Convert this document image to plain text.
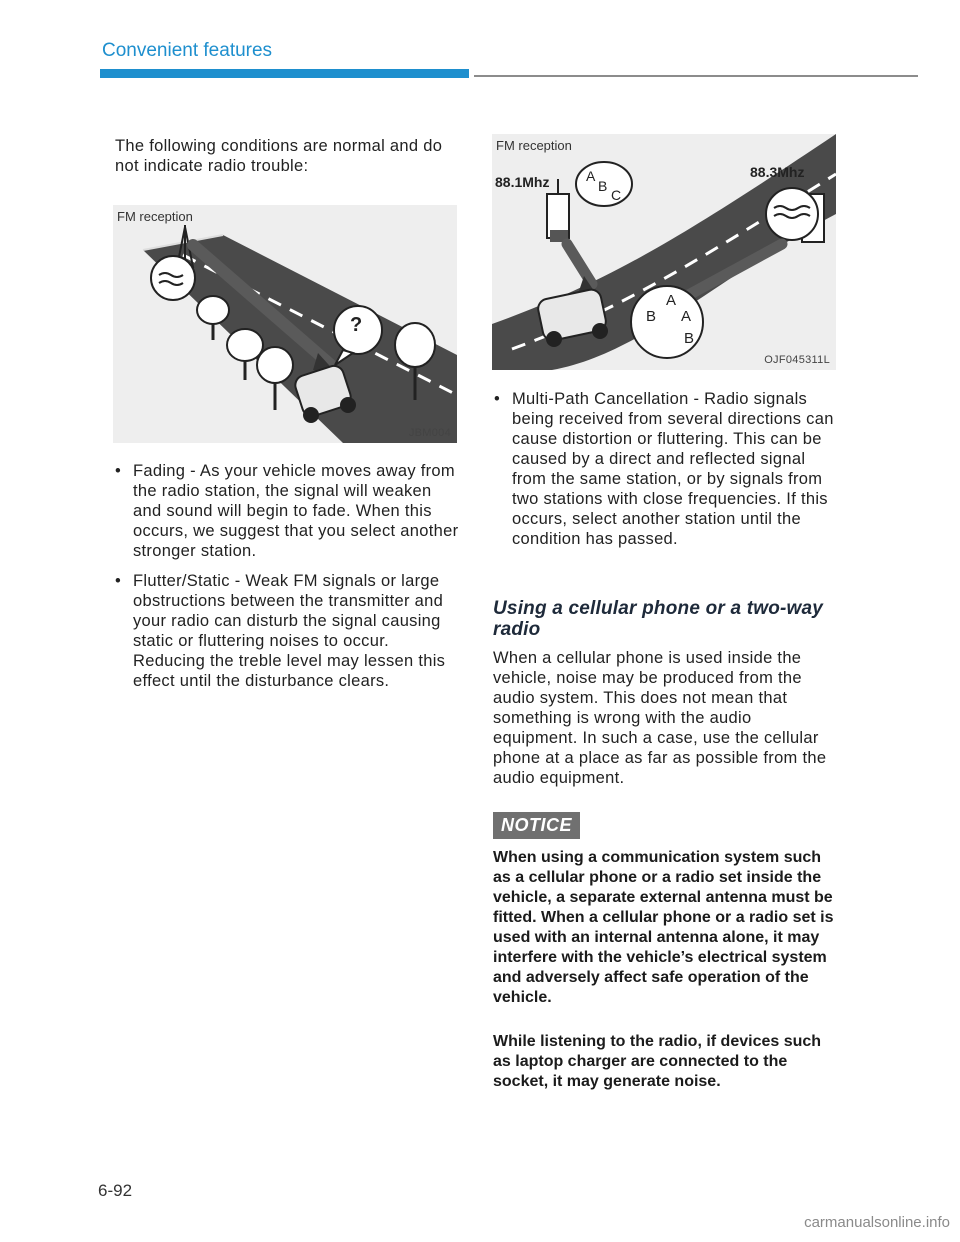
Convenient features
The following conditions are normal and do not indicate radio trouble:
FM reception
?
JBM004
• Fading - As your vehicle moves away from the radio station, the signal will weaken and sound will begin to fade. When this occurs, we suggest that you select another stronger station.
• Flutter/Static - Weak FM signals or large obstructions between the transmitter and your radio can disturb the signal causing static or fluttering noises to occur. Reducing the treble level may lessen this effect until the disturbance clears.
FM reception
88.1Mhz
88.3Mhz
A
B
C
A
B A
B
OJF045311L
• Multi-Path Cancellation - Radio signals being received from several directions can cause distortion or fluttering. This can be caused by a direct and reflected signal from the same station, or by signals from two stations with close frequencies. If this occurs, select another station until the condition has passed.
Using a cellular phone or a two-way radio
When a cellular phone is used inside the vehicle, noise may be produced from the audio system. This does not mean that something is wrong with the audio equipment. In such a case, use the cellular phone at a place as far as possible from the audio equipment.
NOTICE
When using a communication system such as a cellular phone or a radio set inside the vehicle, a separate external antenna must be fitted. When a cellular phone or a radio set is used with an internal antenna alone, it may interfere with the vehicle’s electrical system and adversely affect safe operation of the vehicle.
While listening to the radio, if devices such as laptop charger are connected to the socket, it may generate noise.
6-92
carmanualsonline.info
